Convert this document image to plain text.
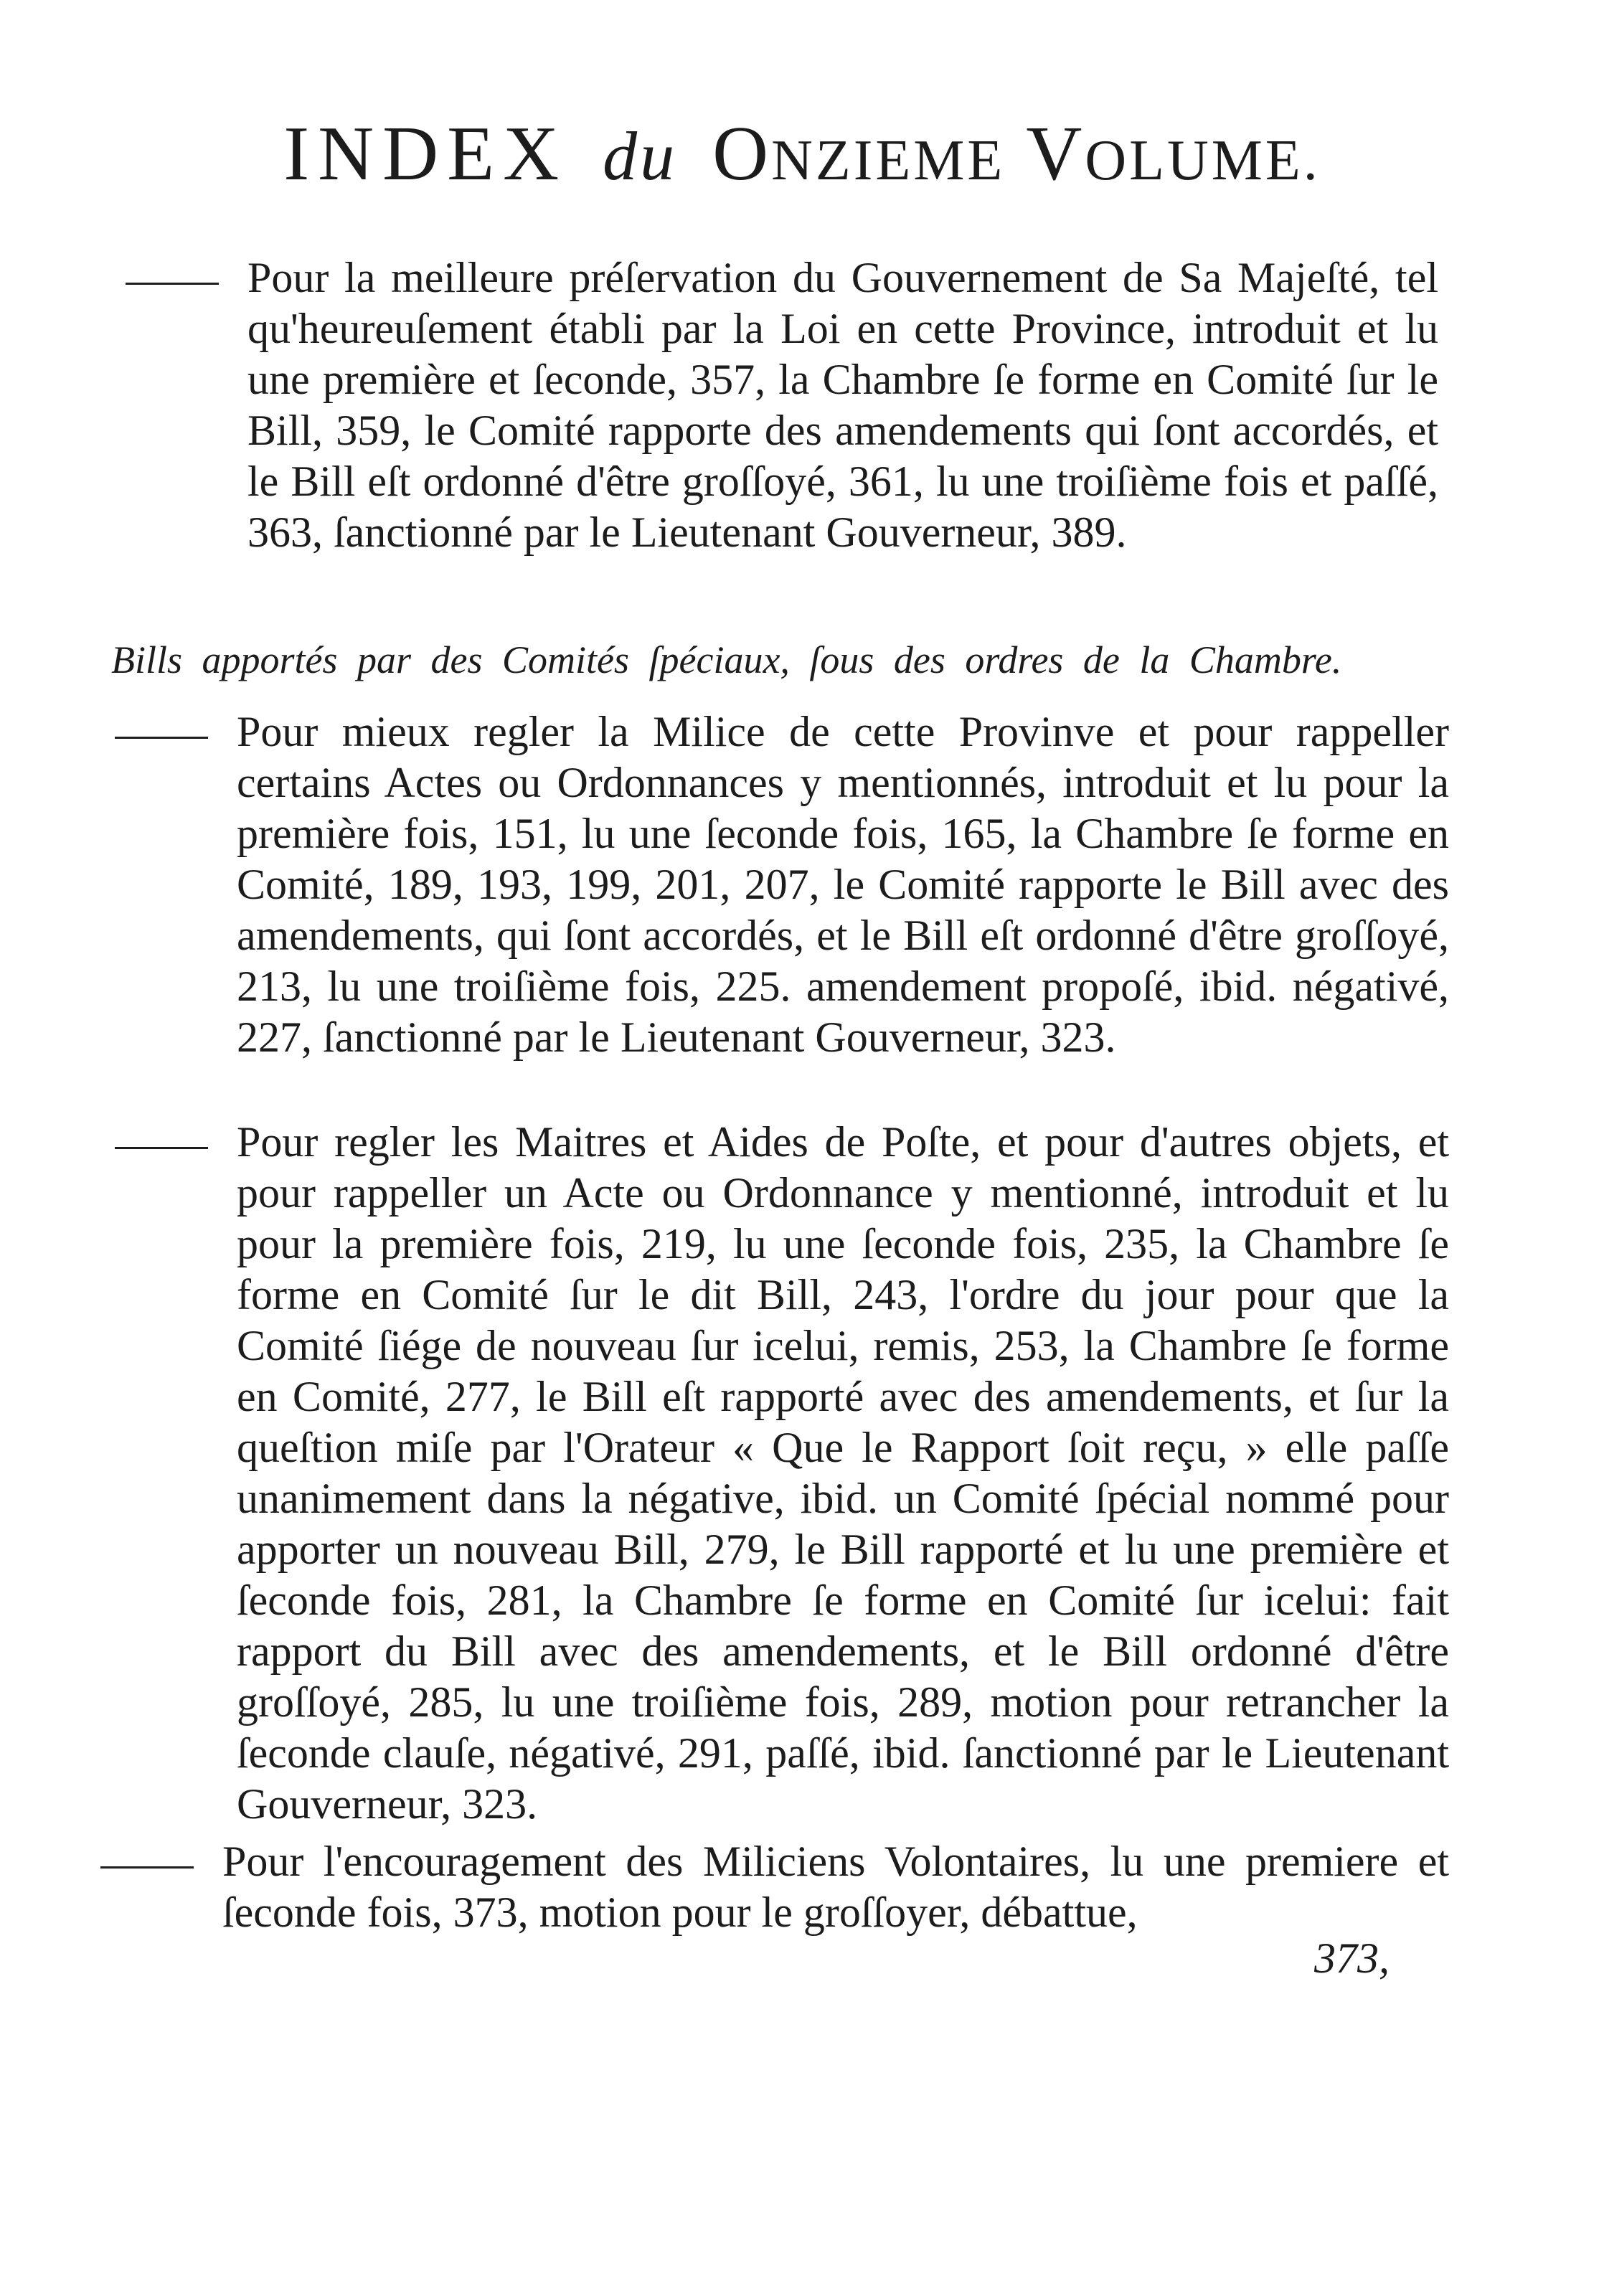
INDEX du ONZIEME VOLUME.

Pour la meilleure préſervation du Gouvernement de Sa Majeſté, tel qu'heureuſement établi par la Loi en cette Province, introduit et lu une première et ſeconde, 357, la Chambre ſe forme en Comité ſur le Bill, 359, le Comité rapporte des amendements qui ſont accordés, et le Bill eſt ordonné d'être groſſoyé, 361, lu une troiſième fois et paſſé, 363, ſanctionné par le Lieutenant Gouverneur, 389.

Bills apportés par des Comités ſpéciaux, ſous des ordres de la Chambre.

Pour mieux regler la Milice de cette Provinve et pour rappeller certains Actes ou Ordonnances y mentionnés, introduit et lu pour la première fois, 151, lu une ſeconde fois, 165, la Chambre ſe forme en Comité, 189, 193, 199, 201, 207, le Comité rapporte le Bill avec des amendements, qui ſont accordés, et le Bill eſt ordonné d'être groſſoyé, 213, lu une troiſième fois, 225. amendement propoſé, ibid. négativé, 227, ſanctionné par le Lieutenant Gouverneur, 323.

Pour regler les Maitres et Aides de Poſte, et pour d'autres objets, et pour rappeller un Acte ou Ordonnance y mentionné, introduit et lu pour la première fois, 219, lu une ſeconde fois, 235, la Chambre ſe forme en Comité ſur le dit Bill, 243, l'ordre du jour pour que la Comité ſiége de nouveau ſur icelui, remis, 253, la Chambre ſe forme en Comité, 277, le Bill eſt rapporté avec des amendements, et ſur la queſtion miſe par l'Orateur « Que le Rapport ſoit reçu, » elle paſſe unanimement dans la négative, ibid. un Comité ſpécial nommé pour apporter un nouveau Bill, 279, le Bill rapporté et lu une première et ſeconde fois, 281, la Chambre ſe forme en Comité ſur icelui: fait rapport du Bill avec des amendements, et le Bill ordonné d'être groſſoyé, 285, lu une troiſième fois, 289, motion pour retrancher la ſeconde clauſe, négativé, 291, paſſé, ibid. ſanctionné par le Lieutenant Gouverneur, 323.

Pour l'encouragement des Miliciens Volontaires, lu une premiere et ſeconde fois, 373, motion pour le groſſoyer, débattue,

373,
